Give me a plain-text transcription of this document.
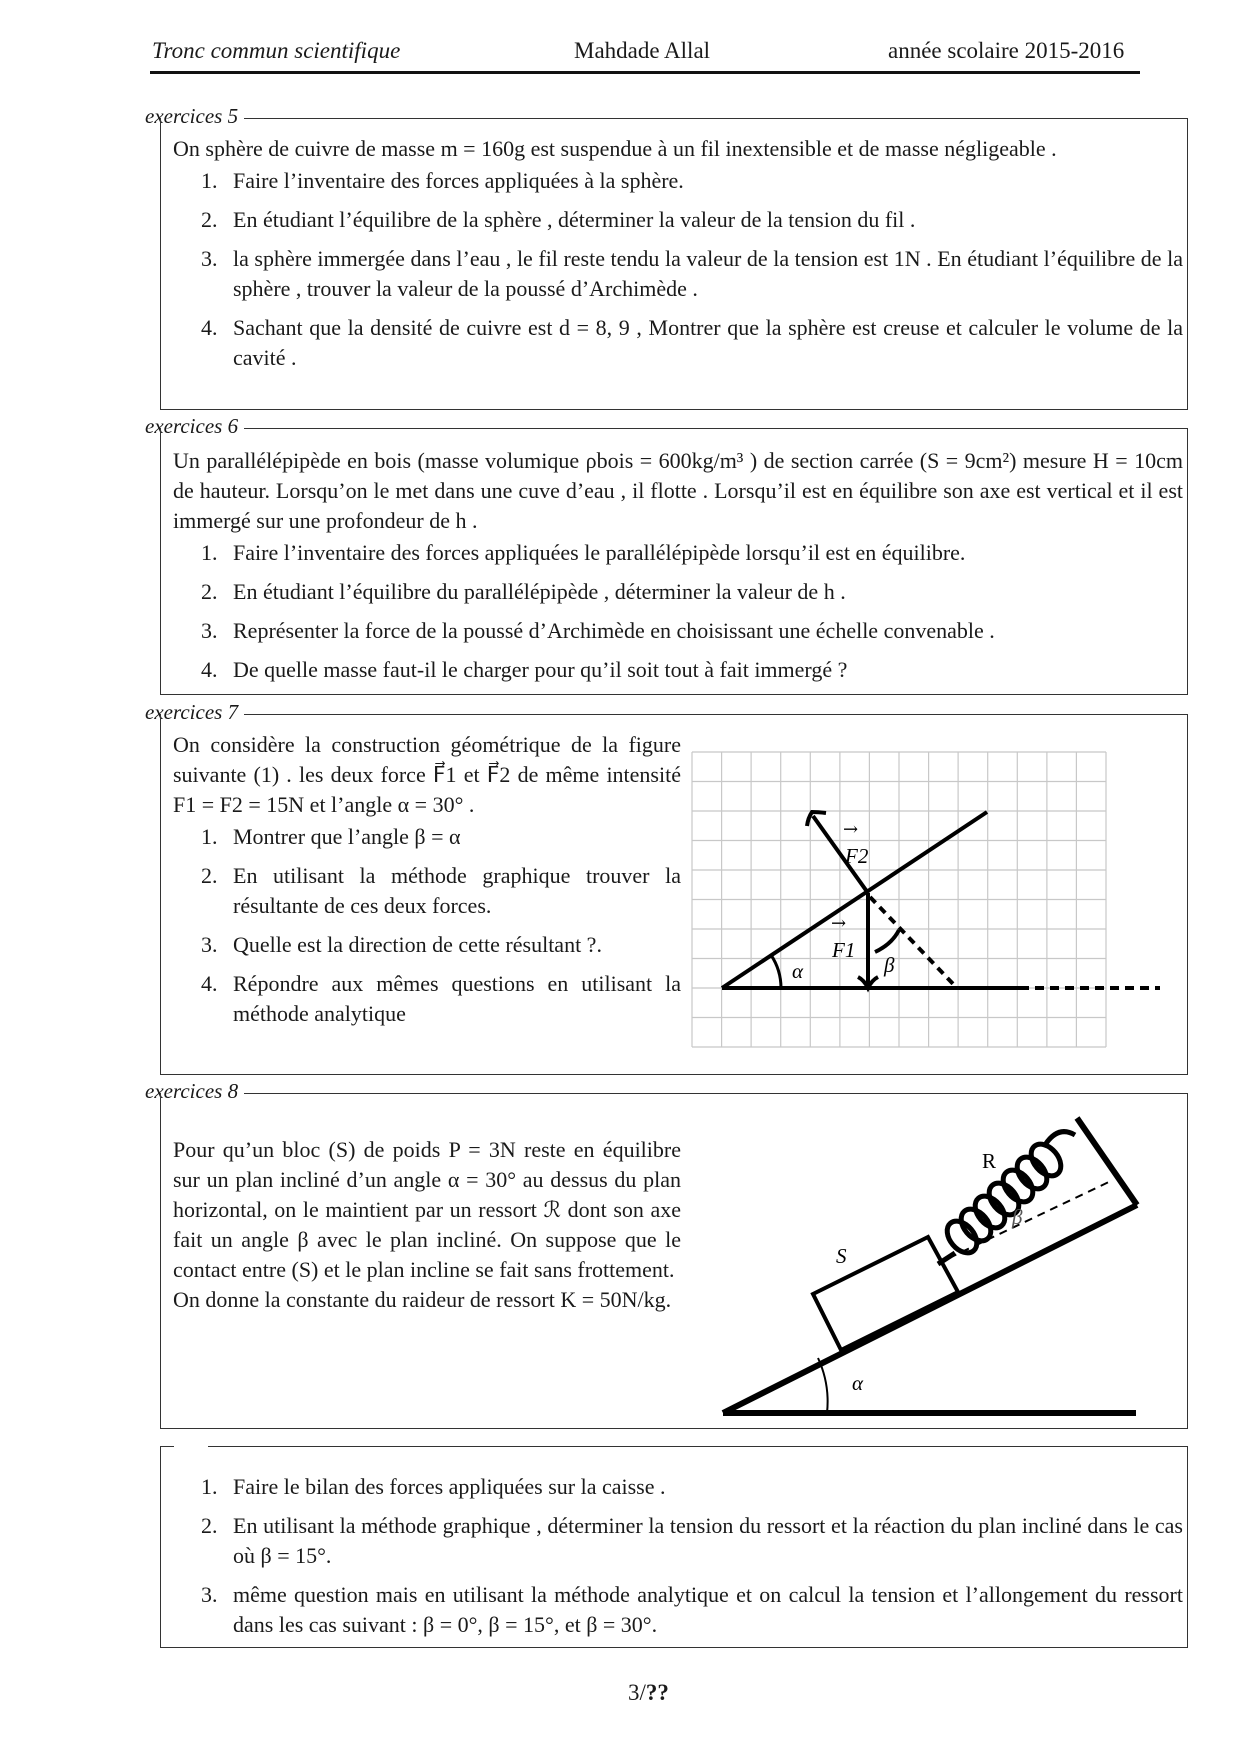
Tronc commun scientifique	Mahdade Allal	année scolaire 2015-2016
exercices 5
On sphère de cuivre de masse m = 160g est suspendue à un fil inextensible et de masse négligeable .
1. Faire l’inventaire des forces appliquées à la sphère.
2. En étudiant l’équilibre de la sphère , déterminer la valeur de la tension du fil .
3. la sphère immergée dans l’eau , le fil reste tendu la valeur de la tension est 1N . En étudiant l’équilibre de la sphère , trouver la valeur de la poussé d’Archimède .
4. Sachant que la densité de cuivre est d = 8, 9 , Montrer que la sphère est creuse et calculer le volume de la cavité .
exercices 6
Un parallélépipède en bois (masse volumique ρbois = 600kg/m³ ) de section carrée (S = 9cm²) mesure H = 10cm de hauteur. Lorsqu’on le met dans une cuve d’eau , il flotte . Lorsqu’il est en équilibre son axe est vertical et il est immergé sur une profondeur de h .
1. Faire l’inventaire des forces appliquées le parallélépipède lorsqu’il est en équilibre.
2. En étudiant l’équilibre du parallélépipède , déterminer la valeur de h .
3. Représenter la force de la poussé d’Archimède en choisissant une échelle convenable .
4. De quelle masse faut-il le charger pour qu’il soit tout à fait immergé ?
exercices 7
On considère la construction géométrique de la figure suivante (1) . les deux force F⃗1 et F⃗2 de même intensité F1 = F2 = 15N et l’angle α = 30° .
1. Montrer que l’angle β = α
2. En utilisant la méthode graphique trouver la résultante de ces deux forces.
3. Quelle est la direction de cette résultant ?.
4. Répondre aux mêmes questions en utilisant la méthode analytique
F2
→
F1
→
α	β
exercices 8
Pour qu’un bloc (S) de poids P = 3N reste en équilibre sur un plan incliné d’un angle α = 30° au dessus du plan horizontal, on le maintient par un ressort ℛ dont son axe fait un angle β avec le plan incliné. On suppose que le contact entre (S) et le plan incline se fait sans frottement.
On donne la constante du raideur de ressort K = 50N/kg.
S
R
β
α
1. Faire le bilan des forces appliquées sur la caisse .
2. En utilisant la méthode graphique , déterminer la tension du ressort et la réaction du plan incliné dans le cas où β = 15°.
3. même question mais en utilisant la méthode analytique et on calcul la tension et l’allongement du ressort dans les cas suivant : β = 0°, β = 15°, et β = 30°.
3/??
